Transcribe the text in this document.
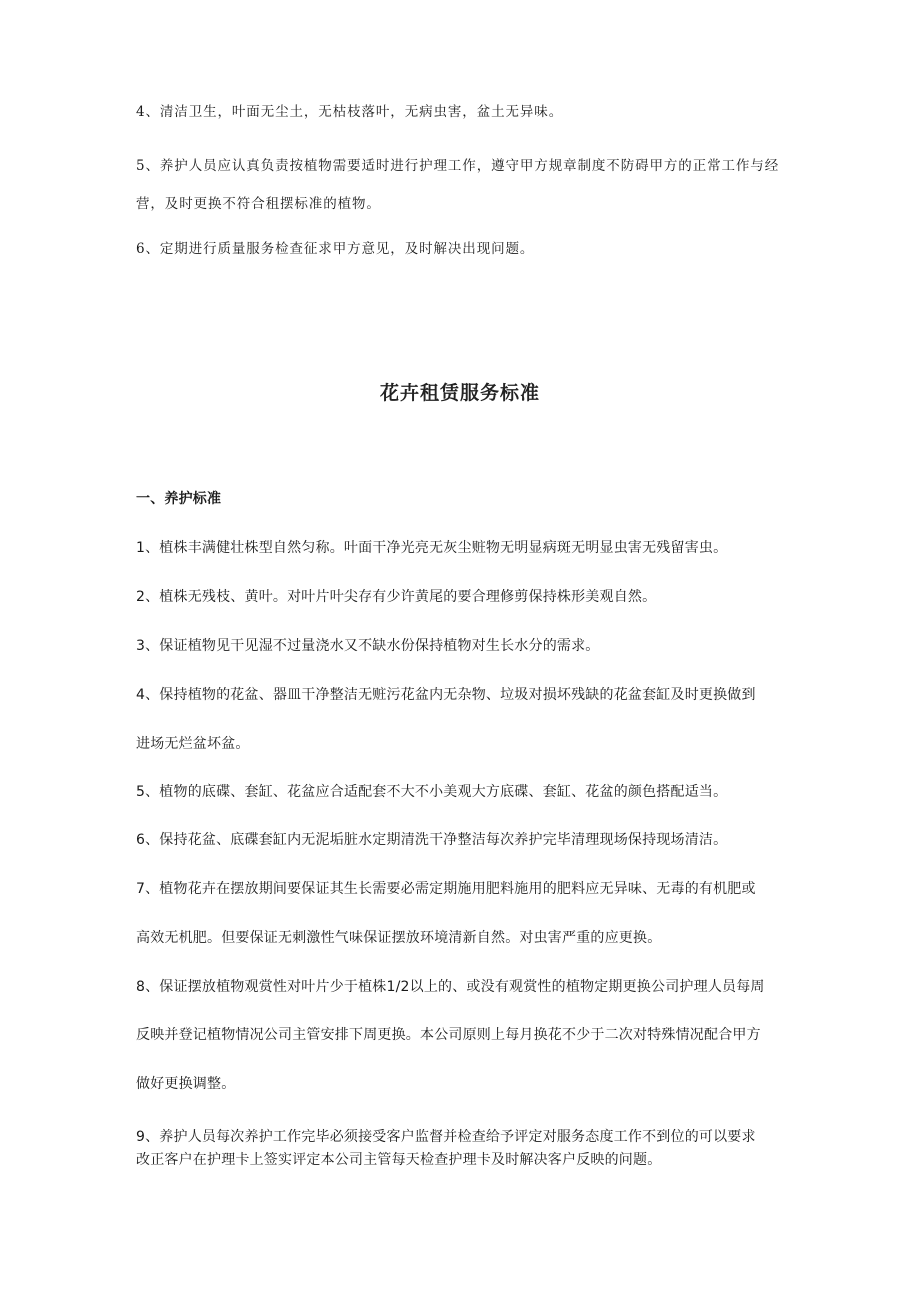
4、清洁卫生，叶面无尘土，无枯枝落叶，无病虫害，盆土无异味。

5、养护人员应认真负责按植物需要适时进行护理工作，遵守甲方规章制度不防碍甲方的正常工作与经

营，及时更换不符合租摆标准的植物。

6、定期进行质量服务检查征求甲方意见，及时解决出现问题。

花卉租赁服务标准

一、养护标准

1、植株丰满健壮株型自然匀称。叶面干净光亮无灰尘赃物无明显病斑无明显虫害无残留害虫。

2、植株无残枝、黄叶。对叶片叶尖存有少许黄尾的要合理修剪保持株形美观自然。

3、保证植物见干见湿不过量浇水又不缺水份保持植物对生长水分的需求。

4、保持植物的花盆、器皿干净整洁无赃污花盆内无杂物、垃圾对损坏残缺的花盆套缸及时更换做到

进场无烂盆坏盆。

5、植物的底碟、套缸、花盆应合适配套不大不小美观大方底碟、套缸、花盆的颜色搭配适当。

6、保持花盆、底碟套缸内无泥垢脏水定期清洗干净整洁每次养护完毕清理现场保持现场清洁。

7、植物花卉在摆放期间要保证其生长需要必需定期施用肥料施用的肥料应无异味、无毒的有机肥或

高效无机肥。但要保证无刺激性气味保证摆放环境清新自然。对虫害严重的应更换。

8、保证摆放植物观赏性对叶片少于植株1/2以上的、或没有观赏性的植物定期更换公司护理人员每周

反映并登记植物情况公司主管安排下周更换。本公司原则上每月换花不少于二次对特殊情况配合甲方

做好更换调整。

9、养护人员每次养护工作完毕必须接受客户监督并检查给予评定对服务态度工作不到位的可以要求

改正客户在护理卡上签实评定本公司主管每天检查护理卡及时解决客户反映的问题。
